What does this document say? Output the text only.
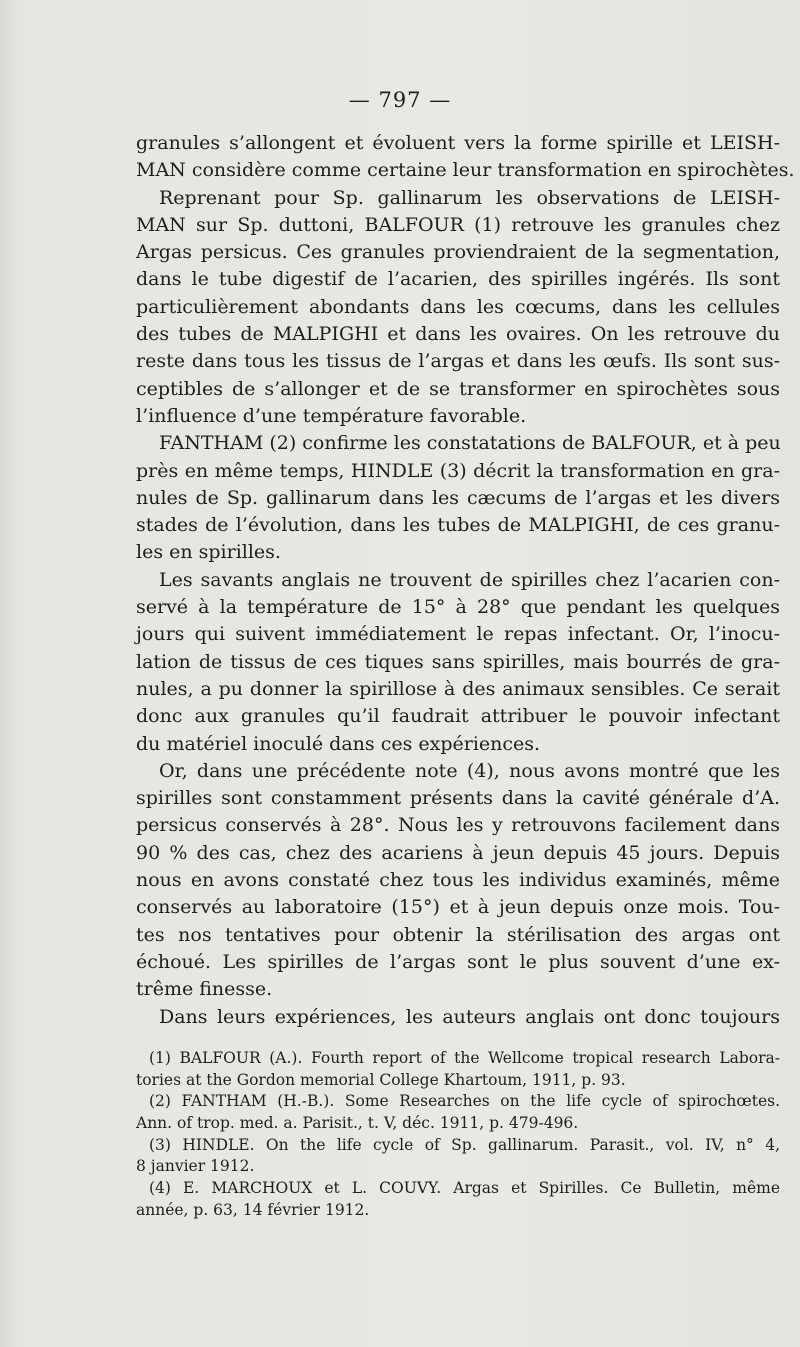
— 797 —
granules s’allongent et évoluent vers la forme spirille et LEISH-
MAN considère comme certaine leur transformation en spirochètes.
Reprenant pour Sp. gallinarum les observations de LEISH-
MAN sur Sp. duttoni, BALFOUR (1) retrouve les granules chez
Argas persicus. Ces granules proviendraient de la segmentation,
dans le tube digestif de l’acarien, des spirilles ingérés. Ils sont
particulièrement abondants dans les cœcums, dans les cellules
des tubes de MALPIGHI et dans les ovaires. On les retrouve du
reste dans tous les tissus de l’argas et dans les œufs. Ils sont sus-
ceptibles de s’allonger et de se transformer en spirochètes sous
l’influence d’une température favorable.
FANTHAM (2) confirme les constatations de BALFOUR, et à peu
près en même temps, HINDLE (3) décrit la transformation en gra-
nules de Sp. gallinarum dans les cæcums de l’argas et les divers
stades de l’évolution, dans les tubes de MALPIGHI, de ces granu-
les en spirilles.
Les savants anglais ne trouvent de spirilles chez l’acarien con-
servé à la température de 15° à 28° que pendant les quelques
jours qui suivent immédiatement le repas infectant. Or, l’inocu-
lation de tissus de ces tiques sans spirilles, mais bourrés de gra-
nules, a pu donner la spirillose à des animaux sensibles. Ce serait
donc aux granules qu’il faudrait attribuer le pouvoir infectant
du matériel inoculé dans ces expériences.
Or, dans une précédente note (4), nous avons montré que les
spirilles sont constamment présents dans la cavité générale d’A.
persicus conservés à 28°. Nous les y retrouvons facilement dans
90 % des cas, chez des acariens à jeun depuis 45 jours. Depuis
nous en avons constaté chez tous les individus examinés, même
conservés au laboratoire (15°) et à jeun depuis onze mois. Tou-
tes nos tentatives pour obtenir la stérilisation des argas ont
échoué. Les spirilles de l’argas sont le plus souvent d’une ex-
trême finesse.
Dans leurs expériences, les auteurs anglais ont donc toujours
(1) BALFOUR (A.). Fourth report of the Wellcome tropical research Labora-
tories at the Gordon memorial College Khartoum, 1911, p. 93.
(2) FANTHAM (H.-B.). Some Researches on the life cycle of spirochœtes.
Ann. of trop. med. a. Parisit., t. V, déc. 1911, p. 479-496.
(3) HINDLE. On the life cycle of Sp. gallinarum. Parasit., vol. IV, n° 4,
8 janvier 1912.
(4) E. MARCHOUX et L. COUVY. Argas et Spirilles. Ce Bulletin, même
année, p. 63, 14 février 1912.
